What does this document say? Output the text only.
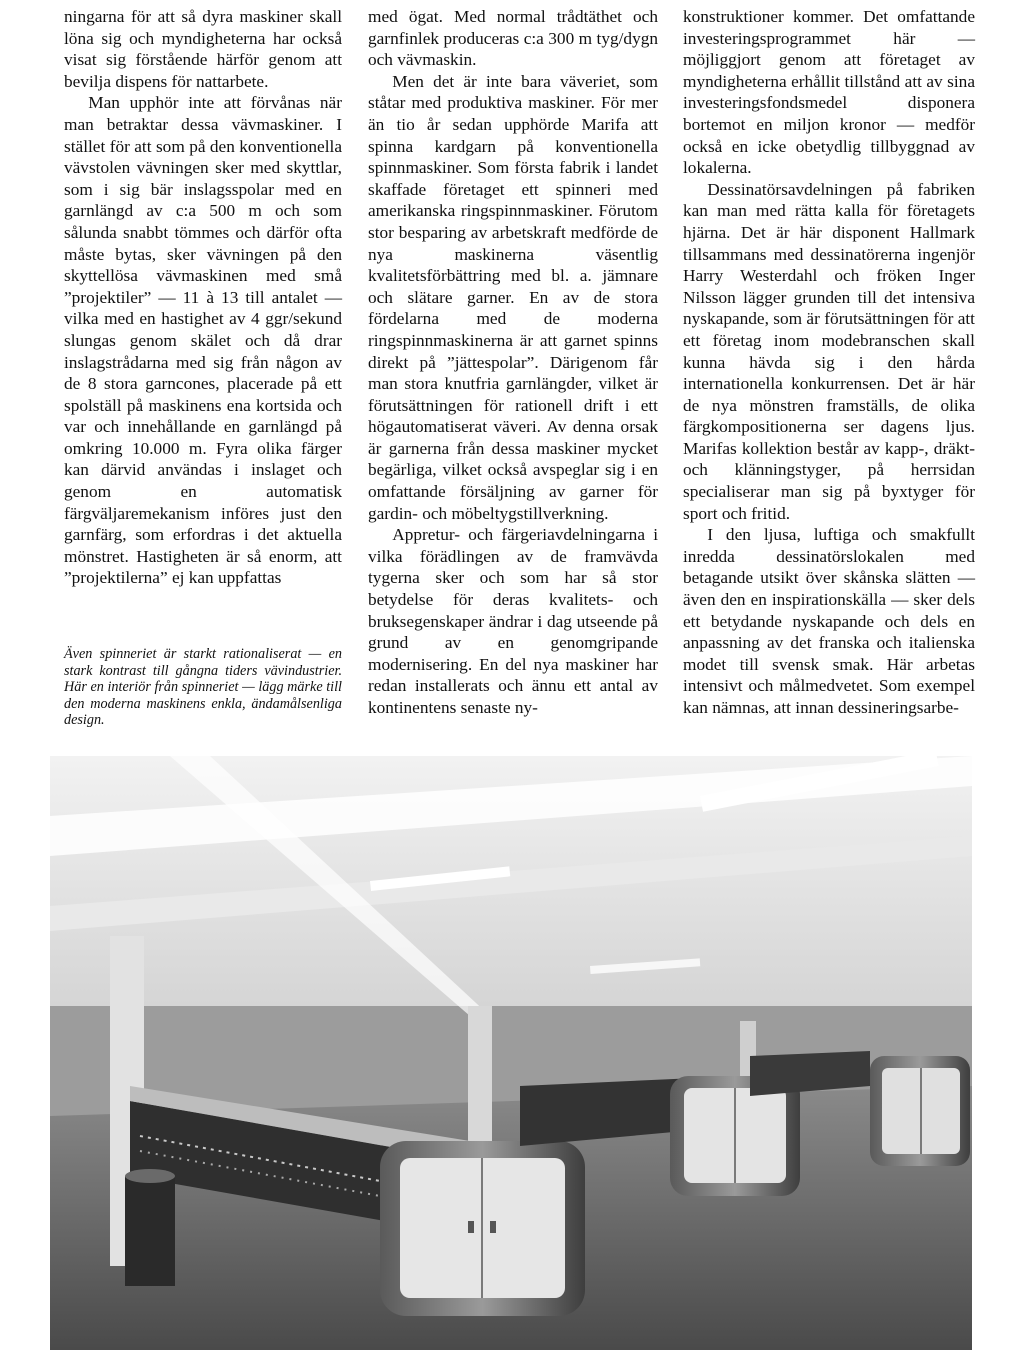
ningarna för att så dyra maskiner skall löna sig och myndigheterna har också visat sig förstående härför genom att bevilja dispens för nattarbete.

Man upphör inte att förvånas när man betraktar dessa vävmaskiner. I stället för att som på den konventionella vävstolen vävningen sker med skyttlar, som i sig bär inslagsspolar med en garnlängd av c:a 500 m och som sålunda snabbt tömmes och därför ofta måste bytas, sker vävningen på den skyttellösa vävmaskinen med små ”projektiler” — 11 à 13 till antalet — vilka med en hastighet av 4 ggr/sekund slungas genom skälet och då drar inslagstrådarna med sig från någon av de 8 stora garncones, placerade på ett spolställ på maskinens ena kortsida och var och innehållande en garnlängd på omkring 10.000 m. Fyra olika färger kan därvid användas i inslaget och genom en automatisk färgväljaremekanism införes just den garnfärg, som erfordras i det aktuella mönstret. Hastigheten är så enorm, att ”projektilerna” ej kan uppfattas

med ögat. Med normal trådtäthet och garnfinlek produceras c:a 300 m tyg/dygn och vävmaskin.

Men det är inte bara väveriet, som ståtar med produktiva maskiner. För mer än tio år sedan upphörde Marifa att spinna kardgarn på konventionella spinnmaskiner. Som första fabrik i landet skaffade företaget ett spinneri med amerikanska ringspinnmaskiner. Förutom stor besparing av arbetskraft medförde de nya maskinerna väsentlig kvalitetsförbättring med bl. a. jämnare och slätare garner. En av de stora fördelarna med de moderna ringspinnmaskinerna är att garnet spinns direkt på ”jättespolar”. Därigenom får man stora knutfria garnlängder, vilket är förutsättningen för rationell drift i ett högautomatiserat väveri. Av denna orsak är garnerna från dessa maskiner mycket begärliga, vilket också avspeglar sig i en omfattande försäljning av garner för gardin- och möbeltygstillverkning.

Appretur- och färgeriavdelningarna i vilka förädlingen av de framvävda tygerna sker och som har så stor betydelse för deras kvalitets- och bruksegenskaper ändrar i dag utseende på grund av en genomgripande modernisering. En del nya maskiner har redan installerats och ännu ett antal av kontinentens senaste ny-

konstruktioner kommer. Det omfattande investeringsprogrammet här — möjliggjort genom att företaget av myndigheterna erhållit tillstånd att av sina investeringsfondsmedel disponera bortemot en miljon kronor — medför också en icke obetydlig tillbyggnad av lokalerna.

Dessinatörsavdelningen på fabriken kan man med rätta kalla för företagets hjärna. Det är här disponent Hallmark tillsammans med dessinatörerna ingenjör Harry Westerdahl och fröken Inger Nilsson lägger grunden till det intensiva nyskapande, som är förutsättningen för att ett företag inom modebranschen skall kunna hävda sig i den hårda internationella konkurrensen. Det är här de nya mönstren framställs, de olika färgkompositionerna ser dagens ljus. Marifas kollektion består av kapp-, dräkt- och klänningstyger, på herrsidan specialiserar man sig på byxtyger för sport och fritid.

I den ljusa, luftiga och smakfullt inredda dessinatörslokalen med betagande utsikt över skånska slätten — även den en inspirationskälla — sker dels ett betydande nyskapande och dels en anpassning av det franska och italienska modet till svensk smak. Här arbetas intensivt och målmedvetet. Som exempel kan nämnas, att innan dessineringsarbe-

Även spinneriet är starkt rationaliserat — en stark kontrast till gångna tiders vävindustrier. Här en interiör från spinneriet — lägg märke till den moderna maskinens enkla, ändamålsenliga design.
